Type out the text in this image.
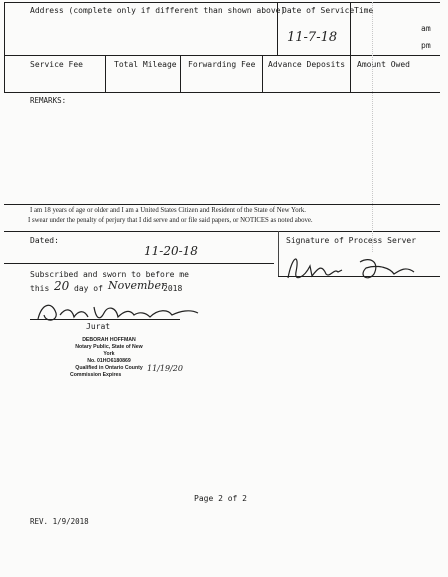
Address (complete only if different than shown above)
Date of Service Time
am
pm
11-7-18
Service Fee	Total Mileage Forwarding Fee Advance Deposits Amount Owed
REMARKS:
I am 18 years of age or older and I am a United States Citizen and Resident of the State of New York.
I swear under the penalty of perjury that I did serve and or file said papers, or NOTICES as noted above.
Dated:
11-20-18
Signature of Process Server
Subscribed and sworn to before me
this 20 day of November
2018
Jurat
DEBORAH HOFFMAN
Notary Public, State of New York
No. 01HO6180869
Qualified in Ontario County
Commission Expires
11/19/20
Page 2 of 2
REV. 1/9/2018
